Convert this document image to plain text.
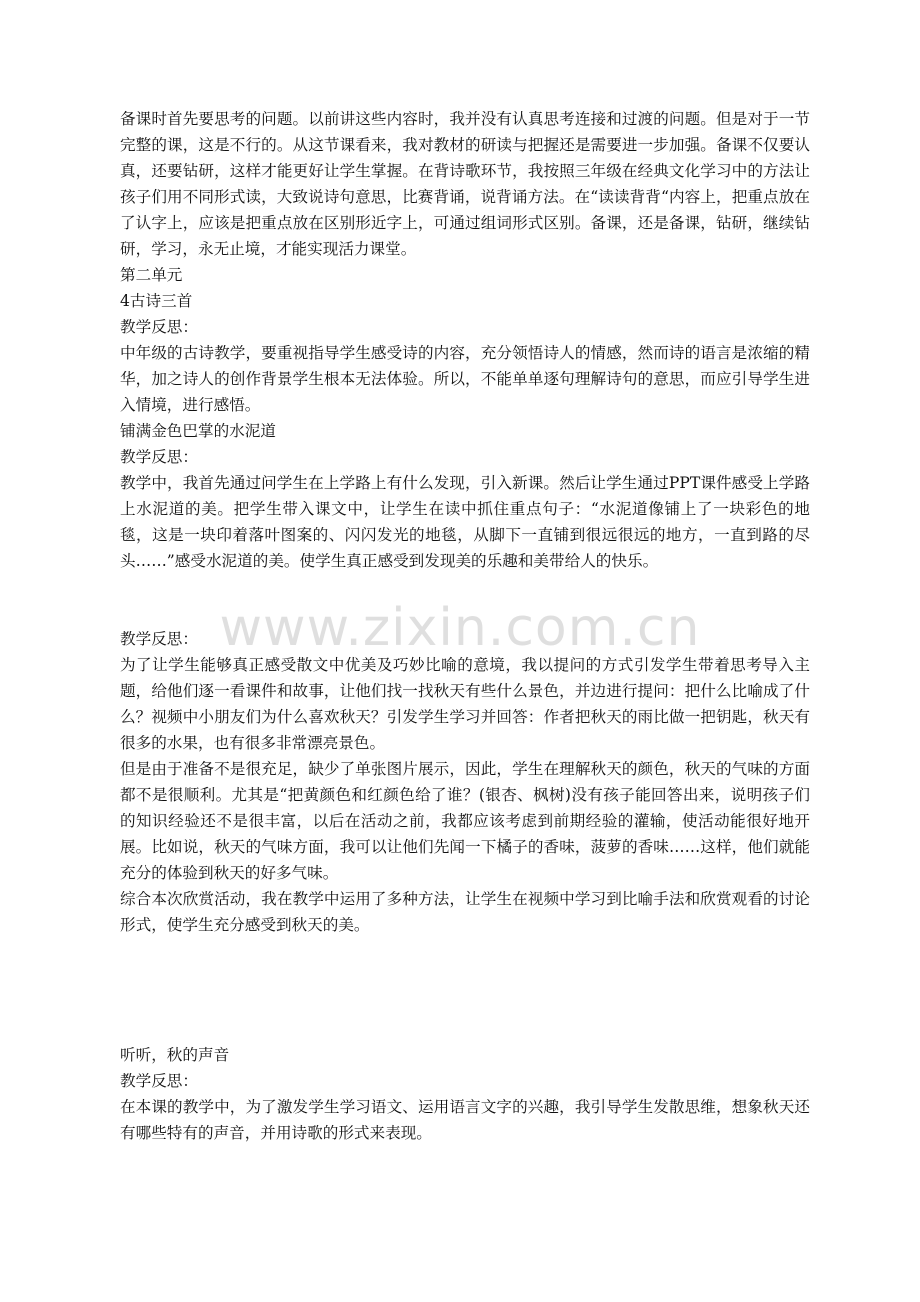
www.zixin.com.cn

备课时首先要思考的问题。以前讲这些内容时，我并没有认真思考连接和过渡的问题。但是对于一节完整的课，这是不行的。从这节课看来，我对教材的研读与把握还是需要进一步加强。备课不仅要认真，还要钻研，这样才能更好让学生掌握。在背诗歌环节，我按照三年级在经典文化学习中的方法让孩子们用不同形式读，大致说诗句意思，比赛背诵，说背诵方法。在“读读背背“内容上，把重点放在了认字上，应该是把重点放在区别形近字上，可通过组词形式区别。备课，还是备课，钻研，继续钻研，学习，永无止境，才能实现活力课堂。

第二单元

4古诗三首

教学反思：

中年级的古诗教学，要重视指导学生感受诗的内容，充分领悟诗人的情感，然而诗的语言是浓缩的精华，加之诗人的创作背景学生根本无法体验。所以，不能单单逐句理解诗句的意思，而应引导学生进入情境，进行感悟。

铺满金色巴掌的水泥道

教学反思：

教学中，我首先通过问学生在上学路上有什么发现，引入新课。然后让学生通过PPT课件感受上学路上水泥道的美。把学生带入课文中，让学生在读中抓住重点句子：“水泥道像铺上了一块彩色的地毯，这是一块印着落叶图案的、闪闪发光的地毯，从脚下一直铺到很远很远的地方，一直到路的尽头……”感受水泥道的美。使学生真正感受到发现美的乐趣和美带给人的快乐。

教学反思：

为了让学生能够真正感受散文中优美及巧妙比喻的意境，我以提问的方式引发学生带着思考导入主题，给他们逐一看课件和故事，让他们找一找秋天有些什么景色，并边进行提问：把什么比喻成了什么？视频中小朋友们为什么喜欢秋天？引发学生学习并回答：作者把秋天的雨比做一把钥匙，秋天有很多的水果，也有很多非常漂亮景色。

但是由于准备不是很充足，缺少了单张图片展示，因此，学生在理解秋天的颜色，秋天的气味的方面都不是很顺利。尤其是“把黄颜色和红颜色给了谁？(银杏、枫树)没有孩子能回答出来，说明孩子们的知识经验还不是很丰富，以后在活动之前，我都应该考虑到前期经验的灌输，使活动能很好地开展。比如说，秋天的气味方面，我可以让他们先闻一下橘子的香味，菠萝的香味……这样，他们就能充分的体验到秋天的好多气味。

综合本次欣赏活动，我在教学中运用了多种方法，让学生在视频中学习到比喻手法和欣赏观看的讨论形式，使学生充分感受到秋天的美。

听听，秋的声音

教学反思：

在本课的教学中，为了激发学生学习语文、运用语言文字的兴趣，我引导学生发散思维，想象秋天还有哪些特有的声音，并用诗歌的形式来表现。
